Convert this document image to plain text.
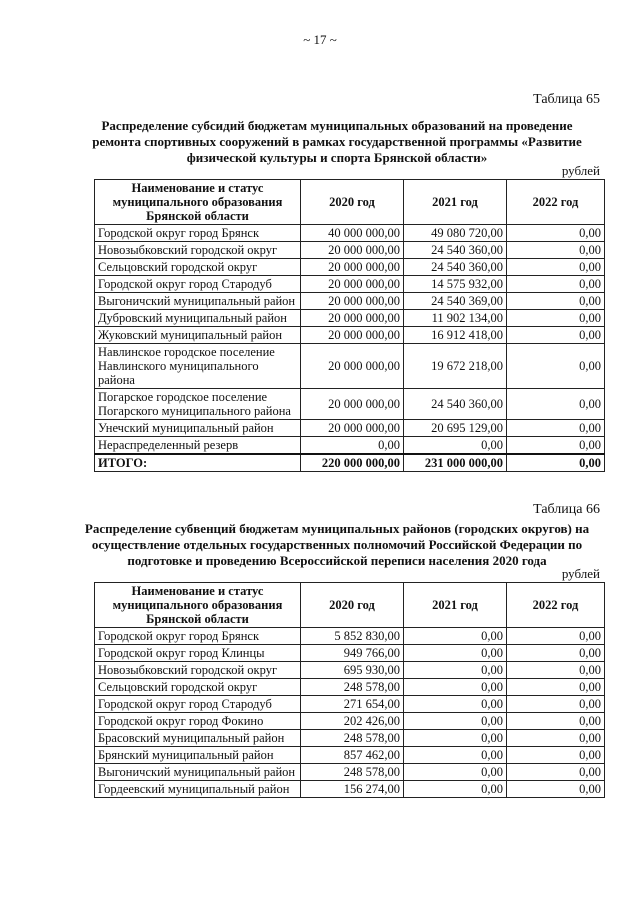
~ 17 ~
Таблица 65
Распределение субсидий бюджетам муниципальных образований на проведение ремонта спортивных сооружений в рамках государственной программы «Развитие физической культуры и спорта Брянской области»
рублей
Наименование и статус муниципального образования Брянской области	2020 год	2021 год	2022 год
Городской округ город Брянск	40 000 000,00	49 080 720,00	0,00
Новозыбковский городской округ	20 000 000,00	24 540 360,00	0,00
Сельцовский городской округ	20 000 000,00	24 540 360,00	0,00
Городской округ город Стародуб	20 000 000,00	14 575 932,00	0,00
Выгоничский муниципальный район	20 000 000,00	24 540 369,00	0,00
Дубровский муниципальный район	20 000 000,00	11 902 134,00	0,00
Жуковский муниципальный район	20 000 000,00	16 912 418,00	0,00
Навлинское городское поселение Навлинского муниципального района	20 000 000,00	19 672 218,00	0,00
Погарское городское поселение Погарского муниципального района	20 000 000,00	24 540 360,00	0,00
Унечский муниципальный район	20 000 000,00	20 695 129,00	0,00
Нераспределенный резерв	0,00	0,00	0,00
ИТОГО:	220 000 000,00	231 000 000,00	0,00
Таблица 66
Распределение субвенций бюджетам муниципальных районов (городских округов) на осуществление отдельных государственных полномочий Российской Федерации по подготовке и проведению Всероссийской переписи населения 2020 года
рублей
Наименование и статус муниципального образования Брянской области	2020 год	2021 год	2022 год
Городской округ город Брянск	5 852 830,00	0,00	0,00
Городской округ город Клинцы	949 766,00	0,00	0,00
Новозыбковский городской округ	695 930,00	0,00	0,00
Сельцовский городской округ	248 578,00	0,00	0,00
Городской округ город Стародуб	271 654,00	0,00	0,00
Городской округ город Фокино	202 426,00	0,00	0,00
Брасовский муниципальный район	248 578,00	0,00	0,00
Брянский муниципальный район	857 462,00	0,00	0,00
Выгоничский муниципальный район	248 578,00	0,00	0,00
Гордеевский муниципальный район	156 274,00	0,00	0,00
